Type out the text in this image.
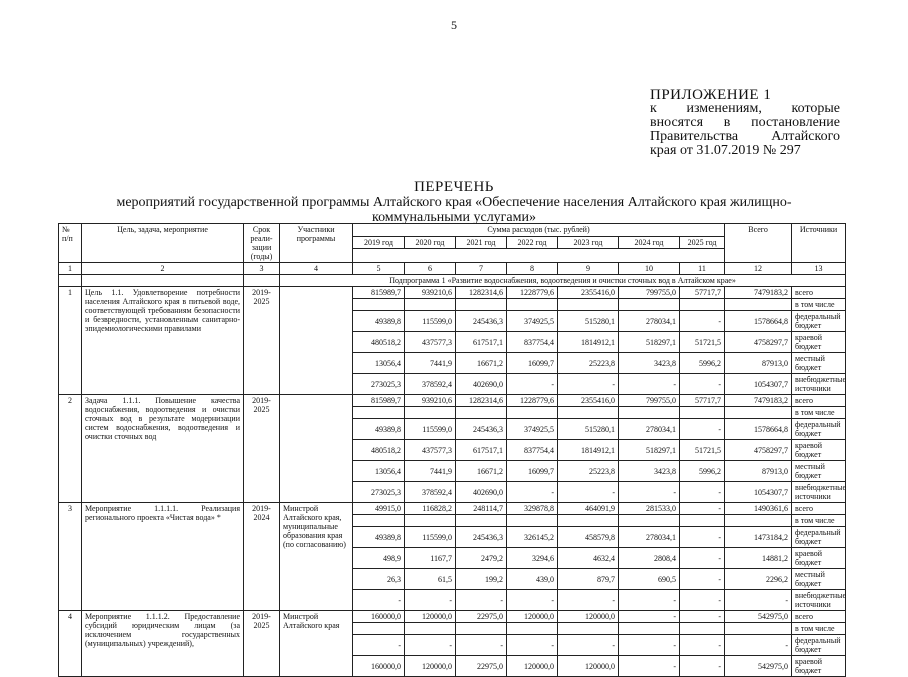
5
ПРИЛОЖЕНИЕ 1
к изменениям, которые
вносятся в постановление
Правительства Алтайского
края от 31.07.2019 № 297
ПЕРЕЧЕНЬ
мероприятий государственной программы Алтайского края «Обеспечение населения Алтайского края жилищно-
коммунальными услугами»
№ п/п	Цель, задача, мероприятие	Срок реали-зации (годы)	Участники программы	Сумма расходов (тыс. рублей)							Всего	Источники
				2019 год	2020 год	2021 год	2022 год	2023 год	2024 год	2025 год		

1	2	3	4	5	6	7	8	9	10	11	12	13
			Подпрограмма 1 «Развитие водоснабжения, водоотведения и очистки сточных вод в Алтайском крае»									
1	Цель 1.1. Удовлетворение потребности населения Алтайского края в питьевой воде, соответствующей требованиям безопасности и безвредности, установленным санитарно-эпидемиологическими правилами	2019-2025		815989,7	939210,6	1282314,6	1228779,6	2355416,0	799755,0	57717,7	7479183,2	всего
												в том числе
				49389,8	115599,0	245436,3	374925,5	515280,1	278034,1	-	1578664,8	федеральный бюджет
				480518,2	437577,3	617517,1	837754,4	1814912,1	518297,1	51721,5	4758297,7	краевой бюджет
				13056,4	7441,9	16671,2	16099,7	25223,8	3423,8	5996,2	87913,0	местный бюджет
				273025,3	378592,4	402690,0	-	-	-	-	1054307,7	внебюджетные источники
2	Задача 1.1.1. Повышение качества водоснабжения, водоотведения и очистки сточных вод в результате модернизации систем водоснабжения, водоотведения и очистки сточных вод	2019-2025		815989,7	939210,6	1282314,6	1228779,6	2355416,0	799755,0	57717,7	7479183,2	всего
												в том числе
				49389,8	115599,0	245436,3	374925,5	515280,1	278034,1	-	1578664,8	федеральный бюджет
				480518,2	437577,3	617517,1	837754,4	1814912,1	518297,1	51721,5	4758297,7	краевой бюджет
				13056,4	7441,9	16671,2	16099,7	25223,8	3423,8	5996,2	87913,0	местный бюджет
				273025,3	378592,4	402690,0	-	-	-	-	1054307,7	внебюджетные источники
3	Мероприятие 1.1.1.1. Реализация регионального проекта «Чистая вода» *	2019-2024	Минстрой Алтайского края, муниципальные образования края (по согласованию)	49915,0	116828,2	248114,7	329878,8	464091,9	281533,0	-	1490361,6	всего
												в том числе
				49389,8	115599,0	245436,3	326145,2	458579,8	278034,1	-	1473184,2	федеральный бюджет
				498,9	1167,7	2479,2	3294,6	4632,4	2808,4	-	14881,2	краевой бюджет
				26,3	61,5	199,2	439,0	879,7	690,5	-	2296,2	местный бюджет
				-	-	-	-	-	-	-	-	внебюджетные источники
4	Мероприятие 1.1.1.2. Предоставление субсидий юридическим лицам (за исключением государственных (муниципальных) учреждений),	2019-2025	Минстрой Алтайского края	160000,0	120000,0	22975,0	120000,0	120000,0	-	-	542975,0	всего
												в том числе
				-	-	-	-	-	-	-	-	федеральный бюджет
				160000,0	120000,0	22975,0	120000,0	120000,0	-	-	542975,0	краевой бюджет
